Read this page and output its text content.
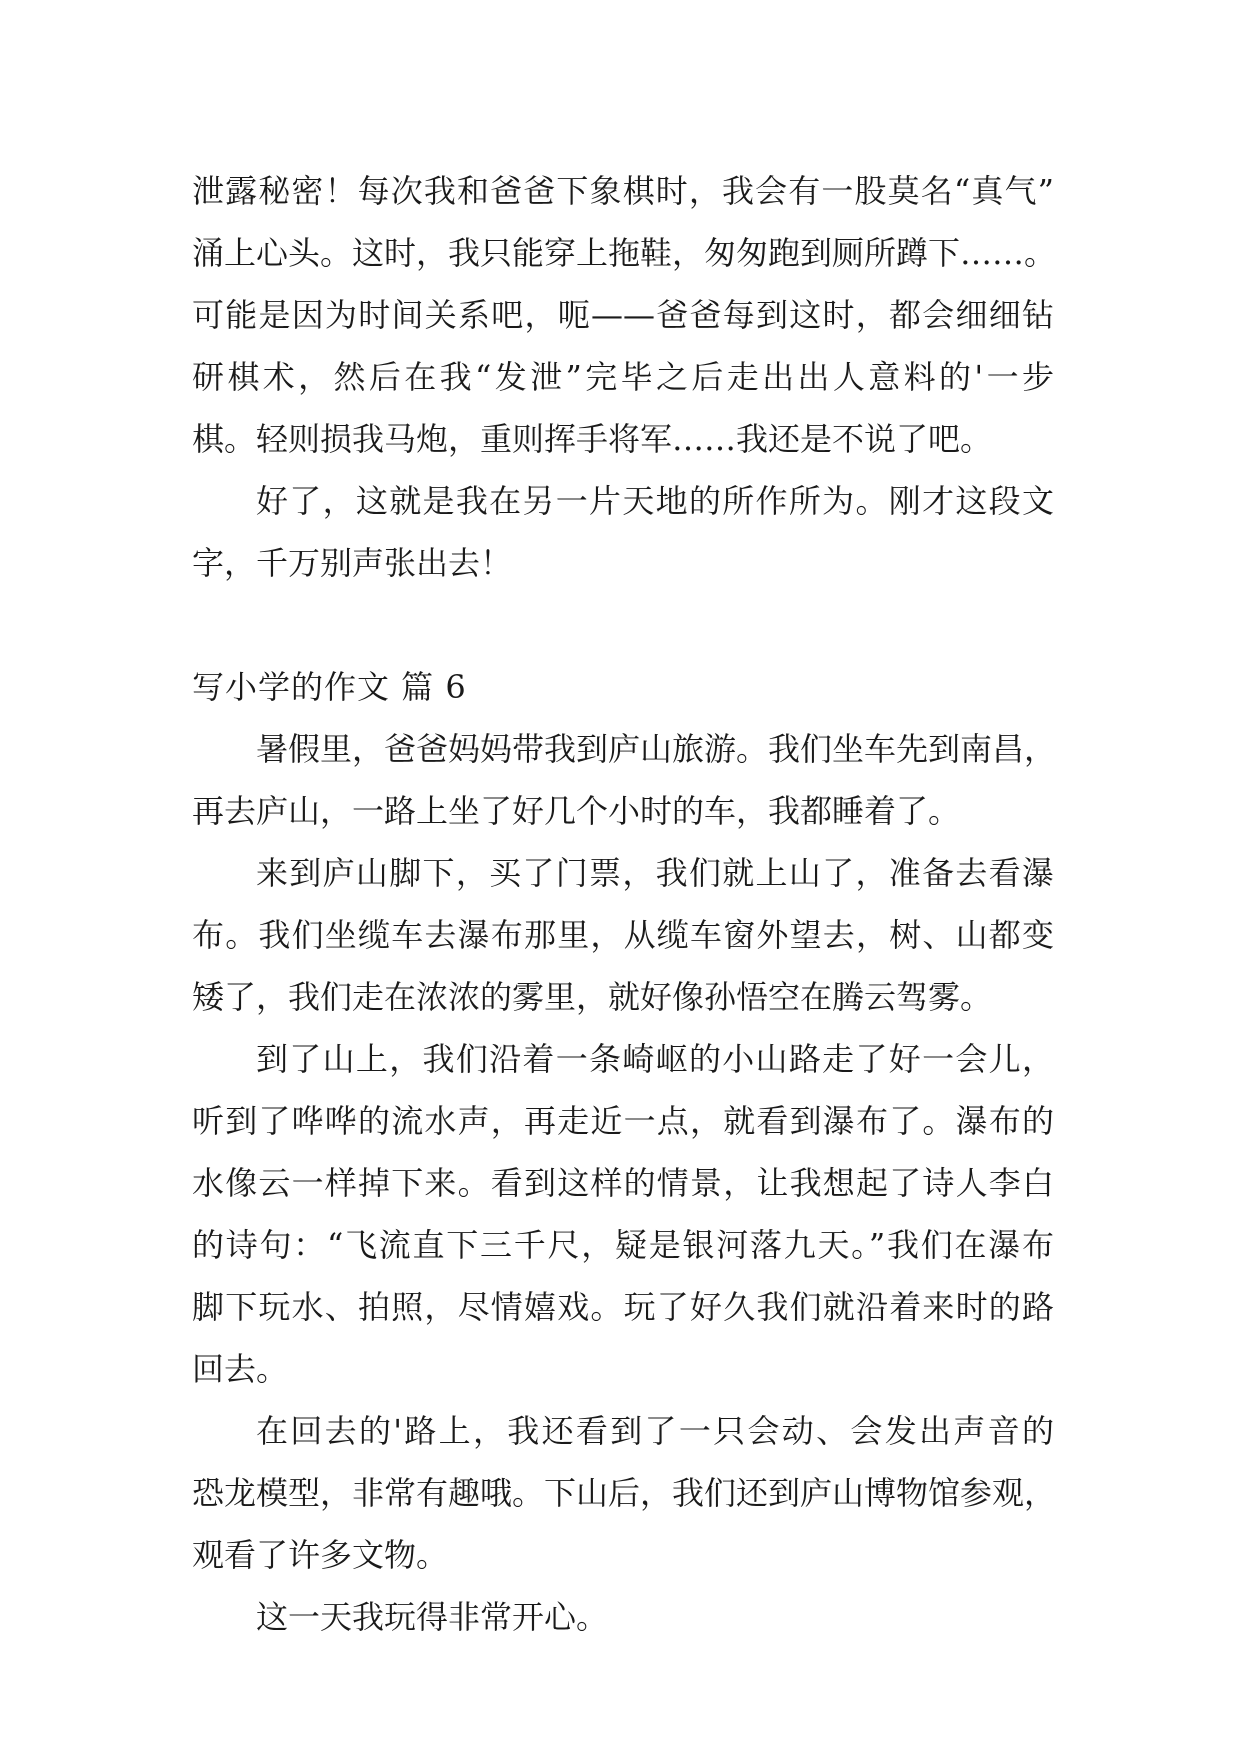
泄露秘密！每次我和爸爸下象棋时，我会有一股莫名“真气”
涌上心头。这时，我只能穿上拖鞋，匆匆跑到厕所蹲下……。
可能是因为时间关系吧，呃——爸爸每到这时，都会细细钻
研棋术，然后在我“发泄”完毕之后走出出人意料的'一步
棋。轻则损我马炮，重则挥手将军……我还是不说了吧。
好了，这就是我在另一片天地的所作所为。刚才这段文
字，千万别声张出去！
写小学的作文 篇 6
暑假里，爸爸妈妈带我到庐山旅游。我们坐车先到南昌，
再去庐山，一路上坐了好几个小时的车，我都睡着了。
来到庐山脚下，买了门票，我们就上山了，准备去看瀑
布。我们坐缆车去瀑布那里，从缆车窗外望去，树、山都变
矮了，我们走在浓浓的雾里，就好像孙悟空在腾云驾雾。
到了山上，我们沿着一条崎岖的小山路走了好一会儿，
听到了哗哗的流水声，再走近一点，就看到瀑布了。瀑布的
水像云一样掉下来。看到这样的情景，让我想起了诗人李白
的诗句：“飞流直下三千尺，疑是银河落九天。”我们在瀑布
脚下玩水、拍照，尽情嬉戏。玩了好久我们就沿着来时的路
回去。
在回去的'路上，我还看到了一只会动、会发出声音的
恐龙模型，非常有趣哦。下山后，我们还到庐山博物馆参观，
观看了许多文物。
这一天我玩得非常开心。
